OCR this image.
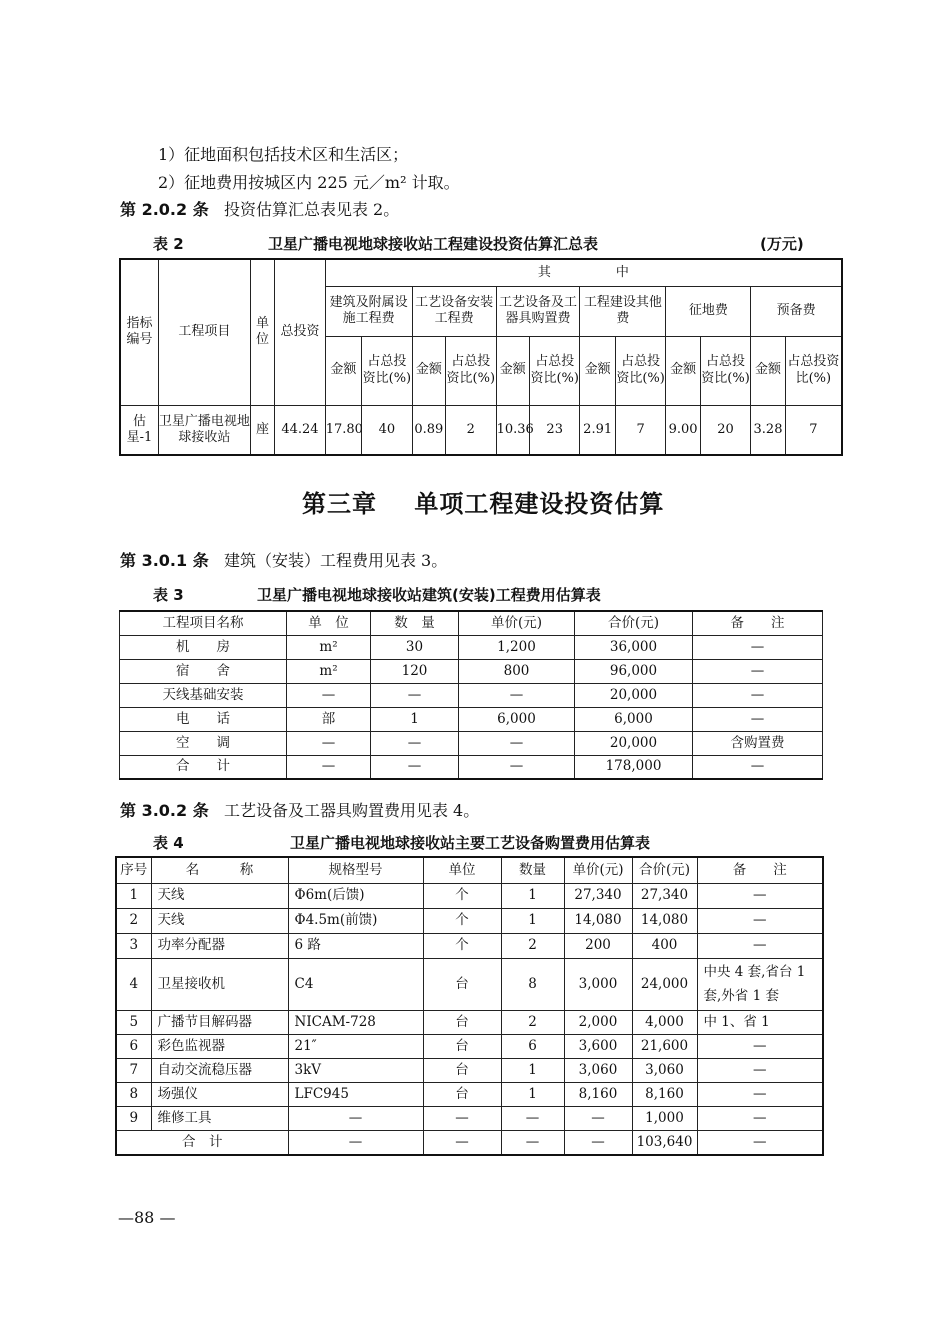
1）征地面积包括技术区和生活区；
2）征地费用按城区内 225 元／m² 计取。
第 2.0.2 条 投资估算汇总表见表 2。
表 2	卫星广播电视地球接收站工程建设投资估算汇总表	(万元)
指标编号	工程项目	单位	总投资	其　　　　　中											
				建筑及附属设施工程费		工艺设备安装工程费		工艺设备及工器具购置费		工程建设其他费		征地费		预备费	
				金额	占总投资比(%)	金额	占总投资比(%)	金额	占总投资比(%)	金额	占总投资比(%)	金额	占总投资比(%)	金额	占总投资比(%)
估星-1	卫星广播电视地球接收站	座	44.24	17.80	40	0.89	2	10.36	23	2.91	7	9.00	20	3.28	7
第三章 单项工程建设投资估算
第 3.0.1 条 建筑（安装）工程费用见表 3。
表 3	卫星广播电视地球接收站建筑(安装)工程费用估算表
工程项目名称	单　位	数　量	单价(元)	合价(元)	备　　注
机　　房	m²	30	1,200	36,000	—
宿　　舍	m²	120	800	96,000	—
天线基础安装	—	—	—	20,000	—
电　　话	部	1	6,000	6,000	—
空　　调	—	—	—	20,000	含购置费
合　　计	—	—	—	178,000	—
第 3.0.2 条 工艺设备及工器具购置费用见表 4。
表 4	卫星广播电视地球接收站主要工艺设备购置费用估算表
序号	名　　　称	规格型号	单位	数量	单价(元)	合价(元)	备　　注
1	天线	Φ6m(后馈)	个	1	27,340	27,340	—
2	天线	Φ4.5m(前馈)	个	1	14,080	14,080	—
3	功率分配器	6 路	个	2	200	400	—
4	卫星接收机	C4	台	8	3,000	24,000	中央 4 套,省台 1 套,外省 1 套
5	广播节目解码器	NICAM-728	台	2	2,000	4,000	中 1、省 1
6	彩色监视器	21″	台	6	3,600	21,600	—
7	自动交流稳压器	3kV	台	1	3,060	3,060	—
8	场强仪	LFC945	台	1	8,160	8,160	—
9	维修工具	—	—	—	—	1,000	—
合　计		—	—	—	—	103,640	—
—88 —
